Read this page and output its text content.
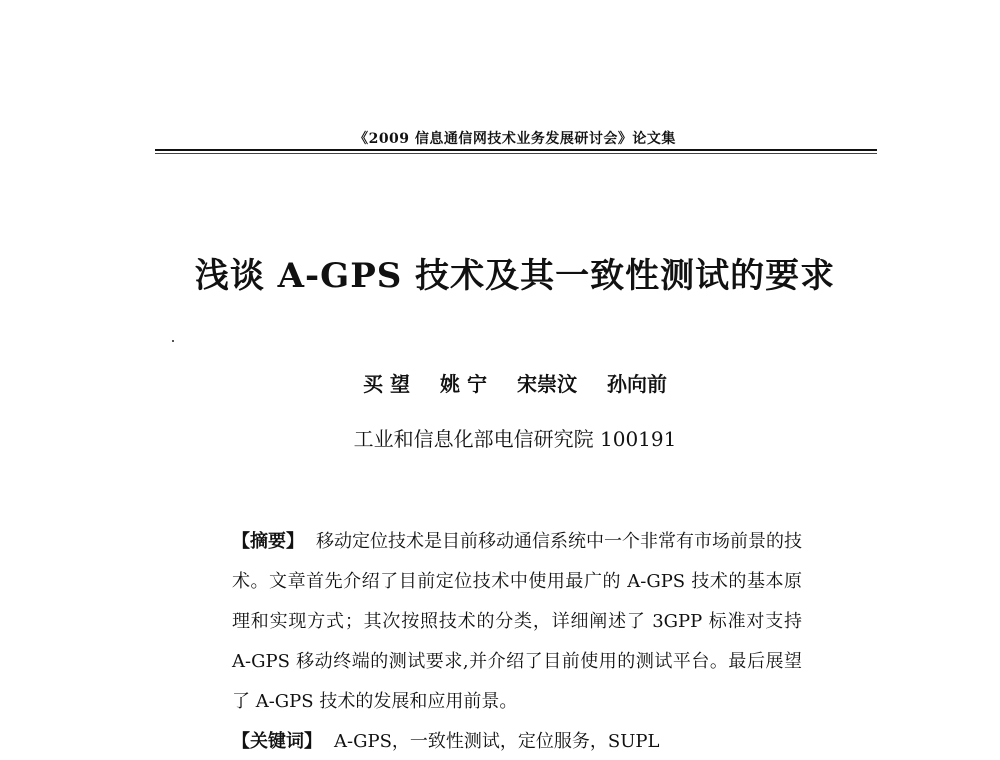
《2009 信息通信网技术业务发展研讨会》论文集
浅谈 A-GPS 技术及其一致性测试的要求
买 望 姚 宁 宋崇汶 孙向前
工业和信息化部电信研究院 100191
【摘要】 移动定位技术是目前移动通信系统中一个非常有市场前景的技术。文章首先介绍了目前定位技术中使用最广的 A-GPS 技术的基本原理和实现方式；其次按照技术的分类，详细阐述了 3GPP 标准对支持 A-GPS 移动终端的测试要求,并介绍了目前使用的测试平台。最后展望了 A-GPS 技术的发展和应用前景。
【关键词】 A-GPS，一致性测试，定位服务，SUPL
